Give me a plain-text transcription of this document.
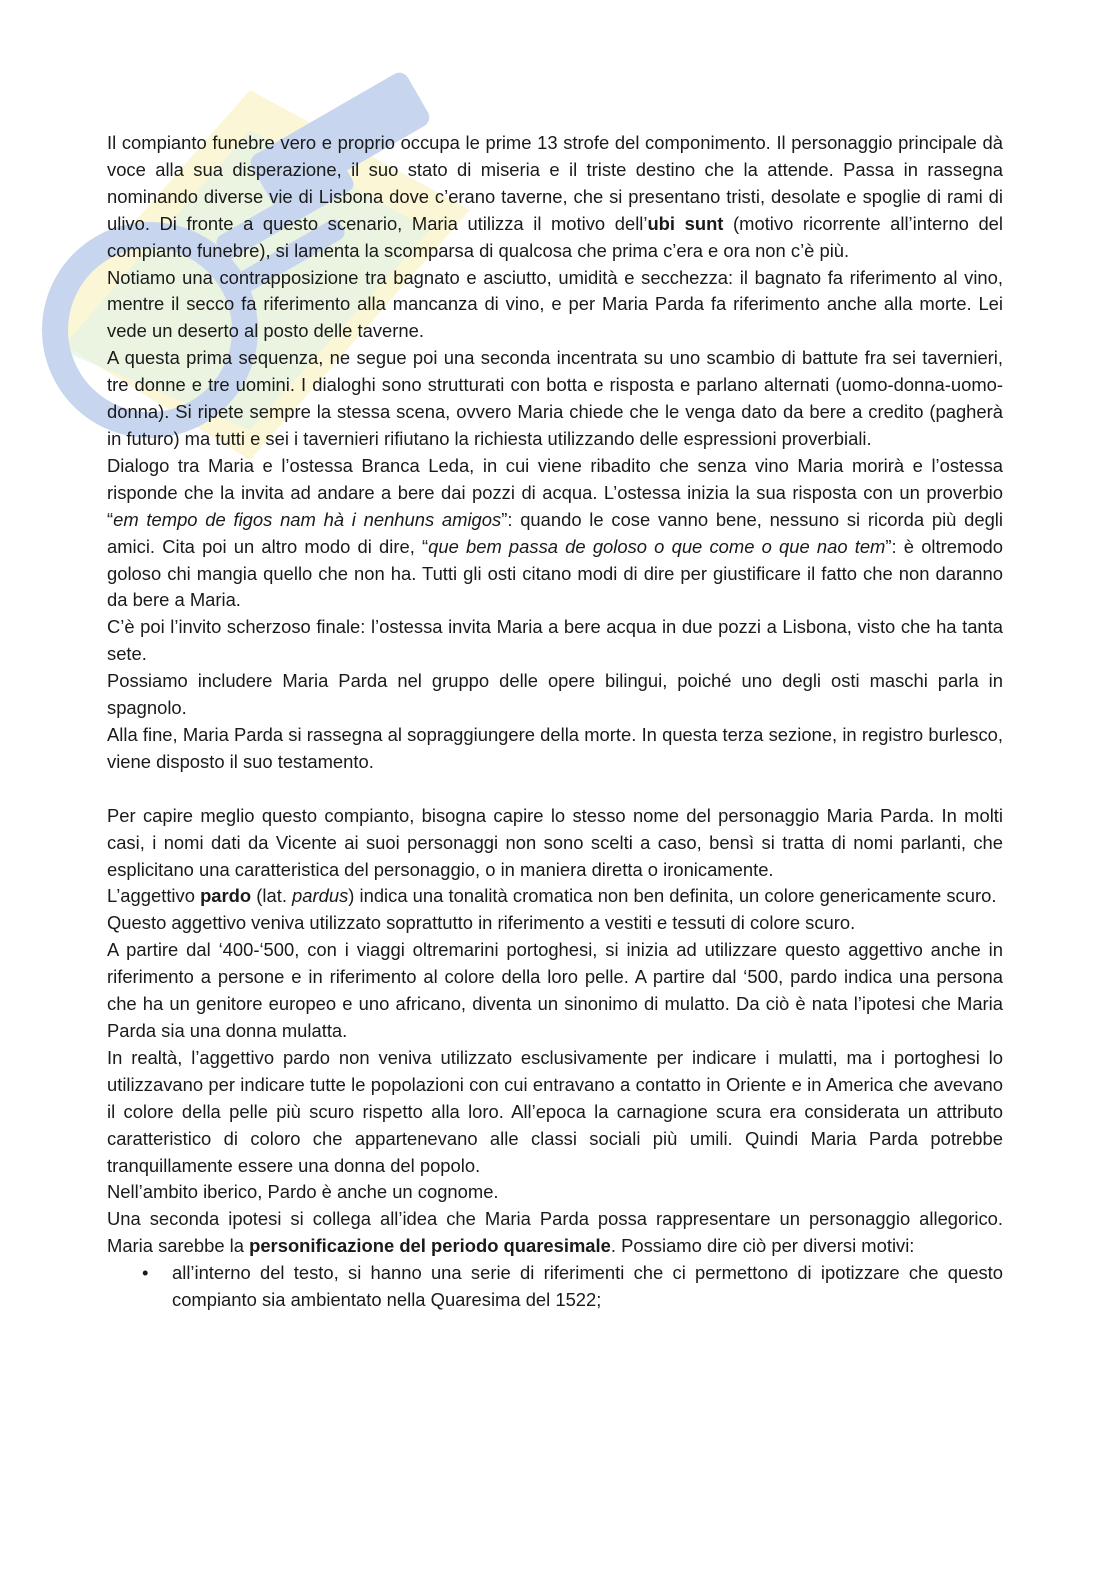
Il compianto funebre vero e proprio occupa le prime 13 strofe del componimento. Il personaggio principale dà voce alla sua disperazione, il suo stato di miseria e il triste destino che la attende. Passa in rassegna nominando diverse vie di Lisbona dove c’erano taverne, che si presentano tristi, desolate e spoglie di rami di ulivo. Di fronte a questo scenario, Maria utilizza il motivo dell’ubi sunt (motivo ricorrente all’interno del compianto funebre), si lamenta la scomparsa di qualcosa che prima c’era e ora non c’è più.

Notiamo una contrapposizione tra bagnato e asciutto, umidità e secchezza: il bagnato fa riferimento al vino, mentre il secco fa riferimento alla mancanza di vino, e per Maria Parda fa riferimento anche alla morte. Lei vede un deserto al posto delle taverne.

A questa prima sequenza, ne segue poi una seconda incentrata su uno scambio di battute fra sei tavernieri, tre donne e tre uomini. I dialoghi sono strutturati con botta e risposta e parlano alternati (uomo-donna-uomo-donna). Si ripete sempre la stessa scena, ovvero Maria chiede che le venga dato da bere a credito (pagherà in futuro) ma tutti e sei i tavernieri rifiutano la richiesta utilizzando delle espressioni proverbiali.

Dialogo tra Maria e l’ostessa Branca Leda, in cui viene ribadito che senza vino Maria morirà e l’ostessa risponde che la invita ad andare a bere dai pozzi di acqua. L’ostessa inizia la sua risposta con un proverbio “em tempo de figos nam hà i nenhuns amigos”: quando le cose vanno bene, nessuno si ricorda più degli amici. Cita poi un altro modo di dire, “que bem passa de goloso o que come o que nao tem”: è oltremodo goloso chi mangia quello che non ha. Tutti gli osti citano modi di dire per giustificare il fatto che non daranno da bere a Maria.

C’è poi l’invito scherzoso finale: l’ostessa invita Maria a bere acqua in due pozzi a Lisbona, visto che ha tanta sete.

Possiamo includere Maria Parda nel gruppo delle opere bilingui, poiché uno degli osti maschi parla in spagnolo.

Alla fine, Maria Parda si rassegna al sopraggiungere della morte. In questa terza sezione, in registro burlesco, viene disposto il suo testamento.

Per capire meglio questo compianto, bisogna capire lo stesso nome del personaggio Maria Parda. In molti casi, i nomi dati da Vicente ai suoi personaggi non sono scelti a caso, bensì si tratta di nomi parlanti, che esplicitano una caratteristica del personaggio, o in maniera diretta o ironicamente.

L’aggettivo pardo (lat. pardus) indica una tonalità cromatica non ben definita, un colore genericamente scuro.

Questo aggettivo veniva utilizzato soprattutto in riferimento a vestiti e tessuti di colore scuro.

A partire dal ‘400-‘500, con i viaggi oltremarini portoghesi, si inizia ad utilizzare questo aggettivo anche in riferimento a persone e in riferimento al colore della loro pelle. A partire dal ‘500, pardo indica una persona che ha un genitore europeo e uno africano, diventa un sinonimo di mulatto. Da ciò è nata l’ipotesi che Maria Parda sia una donna mulatta.

In realtà, l’aggettivo pardo non veniva utilizzato esclusivamente per indicare i mulatti, ma i portoghesi lo utilizzavano per indicare tutte le popolazioni con cui entravano a contatto in Oriente e in America che avevano il colore della pelle più scuro rispetto alla loro. All’epoca la carnagione scura era considerata un attributo caratteristico di coloro che appartenevano alle classi sociali più umili. Quindi Maria Parda potrebbe tranquillamente essere una donna del popolo.

Nell’ambito iberico, Pardo è anche un cognome.

Una seconda ipotesi si collega all’idea che Maria Parda possa rappresentare un personaggio allegorico. Maria sarebbe la personificazione del periodo quaresimale. Possiamo dire ciò per diversi motivi:

• all’interno del testo, si hanno una serie di riferimenti che ci permettono di ipotizzare che questo compianto sia ambientato nella Quaresima del 1522;
